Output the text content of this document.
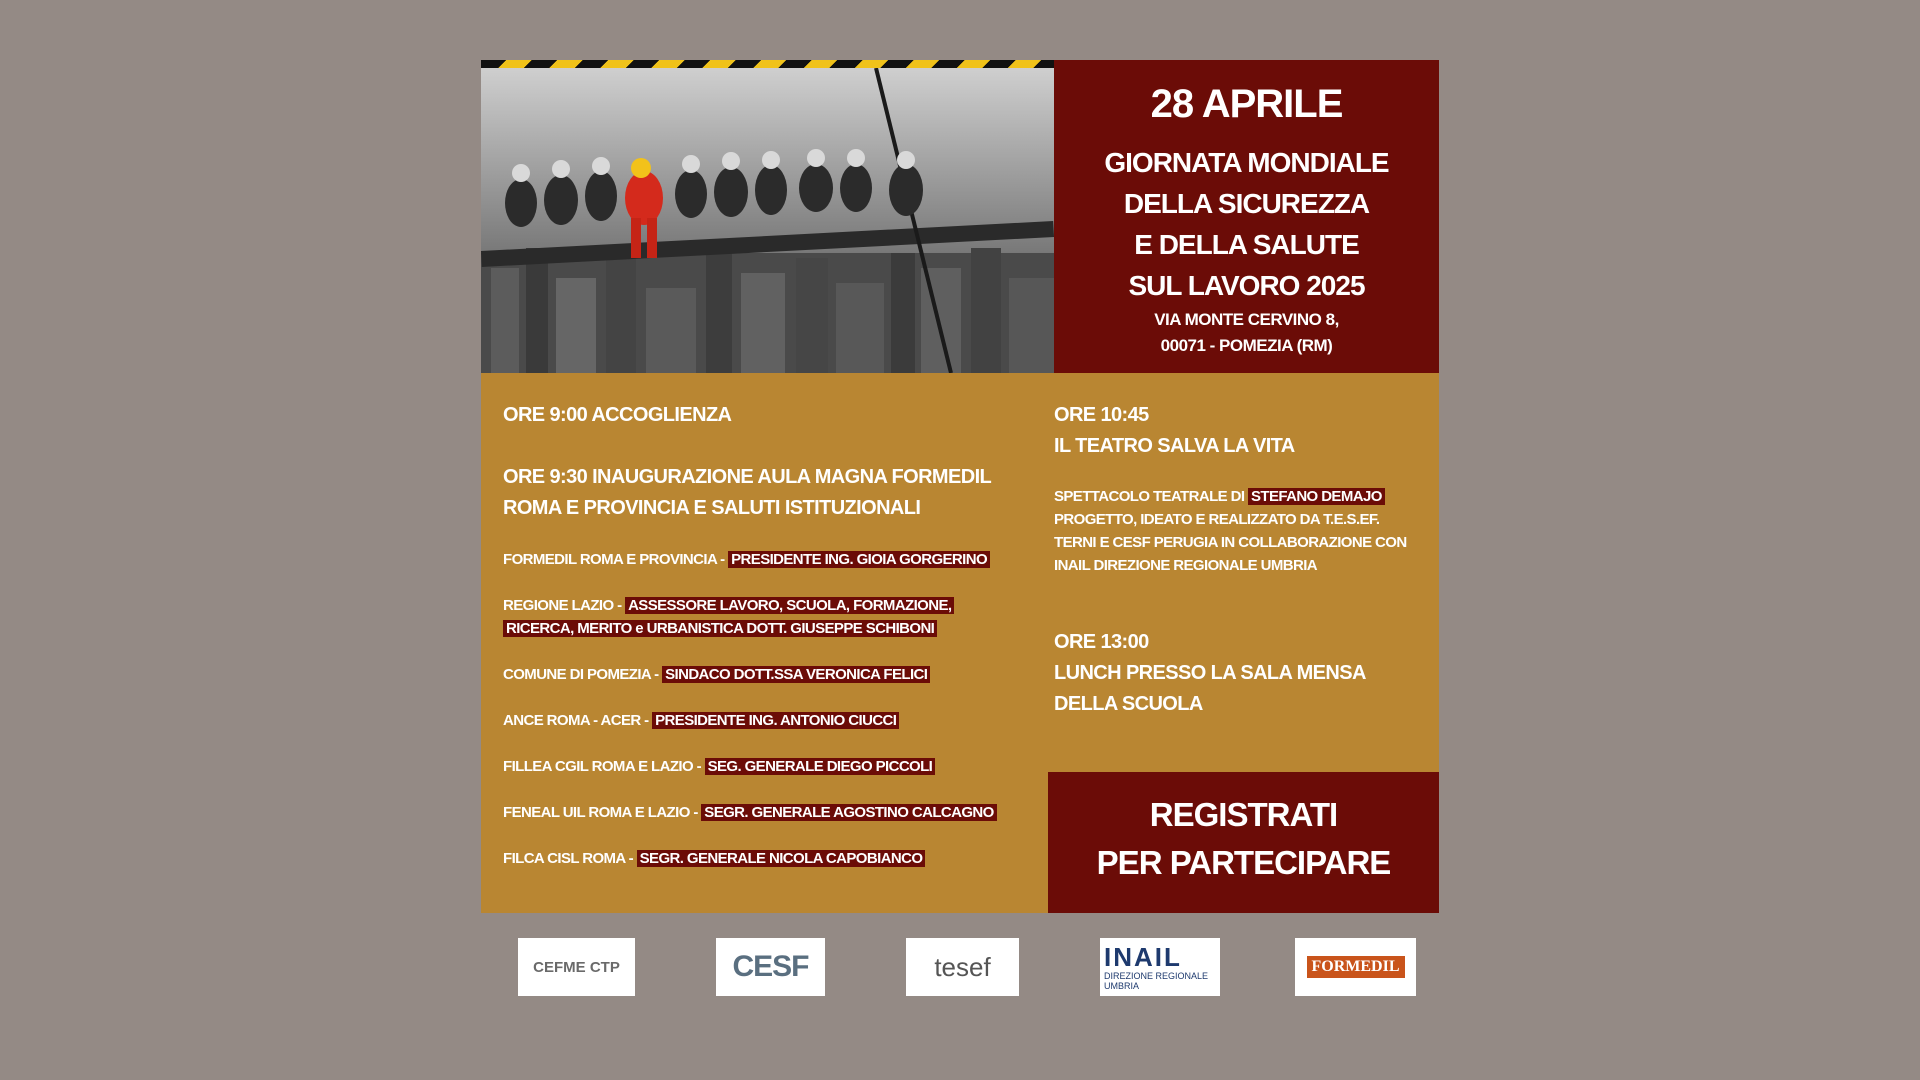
28 APRILE
GIORNATA MONDIALE
DELLA SICUREZZA
E DELLA SALUTE
SUL LAVORO 2025
VIA MONTE CERVINO 8,
00071 - POMEZIA (RM)
ORE 9:00 ACCOGLIENZA
ORE 9:30 INAUGURAZIONE AULA MAGNA FORMEDIL
ROMA E PROVINCIA E SALUTI ISTITUZIONALI
FORMEDIL ROMA E PROVINCIA - PRESIDENTE ING. GIOIA GORGERINO
REGIONE LAZIO - ASSESSORE LAVORO, SCUOLA, FORMAZIONE, RICERCA, MERITO e URBANISTICA DOTT. GIUSEPPE SCHIBONI
COMUNE DI POMEZIA - SINDACO DOTT.SSA VERONICA FELICI
ANCE ROMA - ACER - PRESIDENTE ING. ANTONIO CIUCCI
FILLEA CGIL ROMA E LAZIO - SEG. GENERALE DIEGO PICCOLI
FENEAL UIL ROMA E LAZIO - SEGR. GENERALE AGOSTINO CALCAGNO
FILCA CISL ROMA - SEGR. GENERALE NICOLA CAPOBIANCO
ORE 10:45
IL TEATRO SALVA LA VITA
SPETTACOLO TEATRALE DI STEFANO DEMAJO
PROGETTO, IDEATO E REALIZZATO DA T.E.S.EF. TERNI E CESF PERUGIA IN COLLABORAZIONE CON INAIL DIREZIONE REGIONALE UMBRIA
ORE 13:00
LUNCH PRESSO LA SALA MENSA
DELLA SCUOLA
REGISTRATI
PER PARTECIPARE
CEFME CTP	CESF	tesef	INAIL
DIREZIONE REGIONALE UMBRIA
FORMEDIL
